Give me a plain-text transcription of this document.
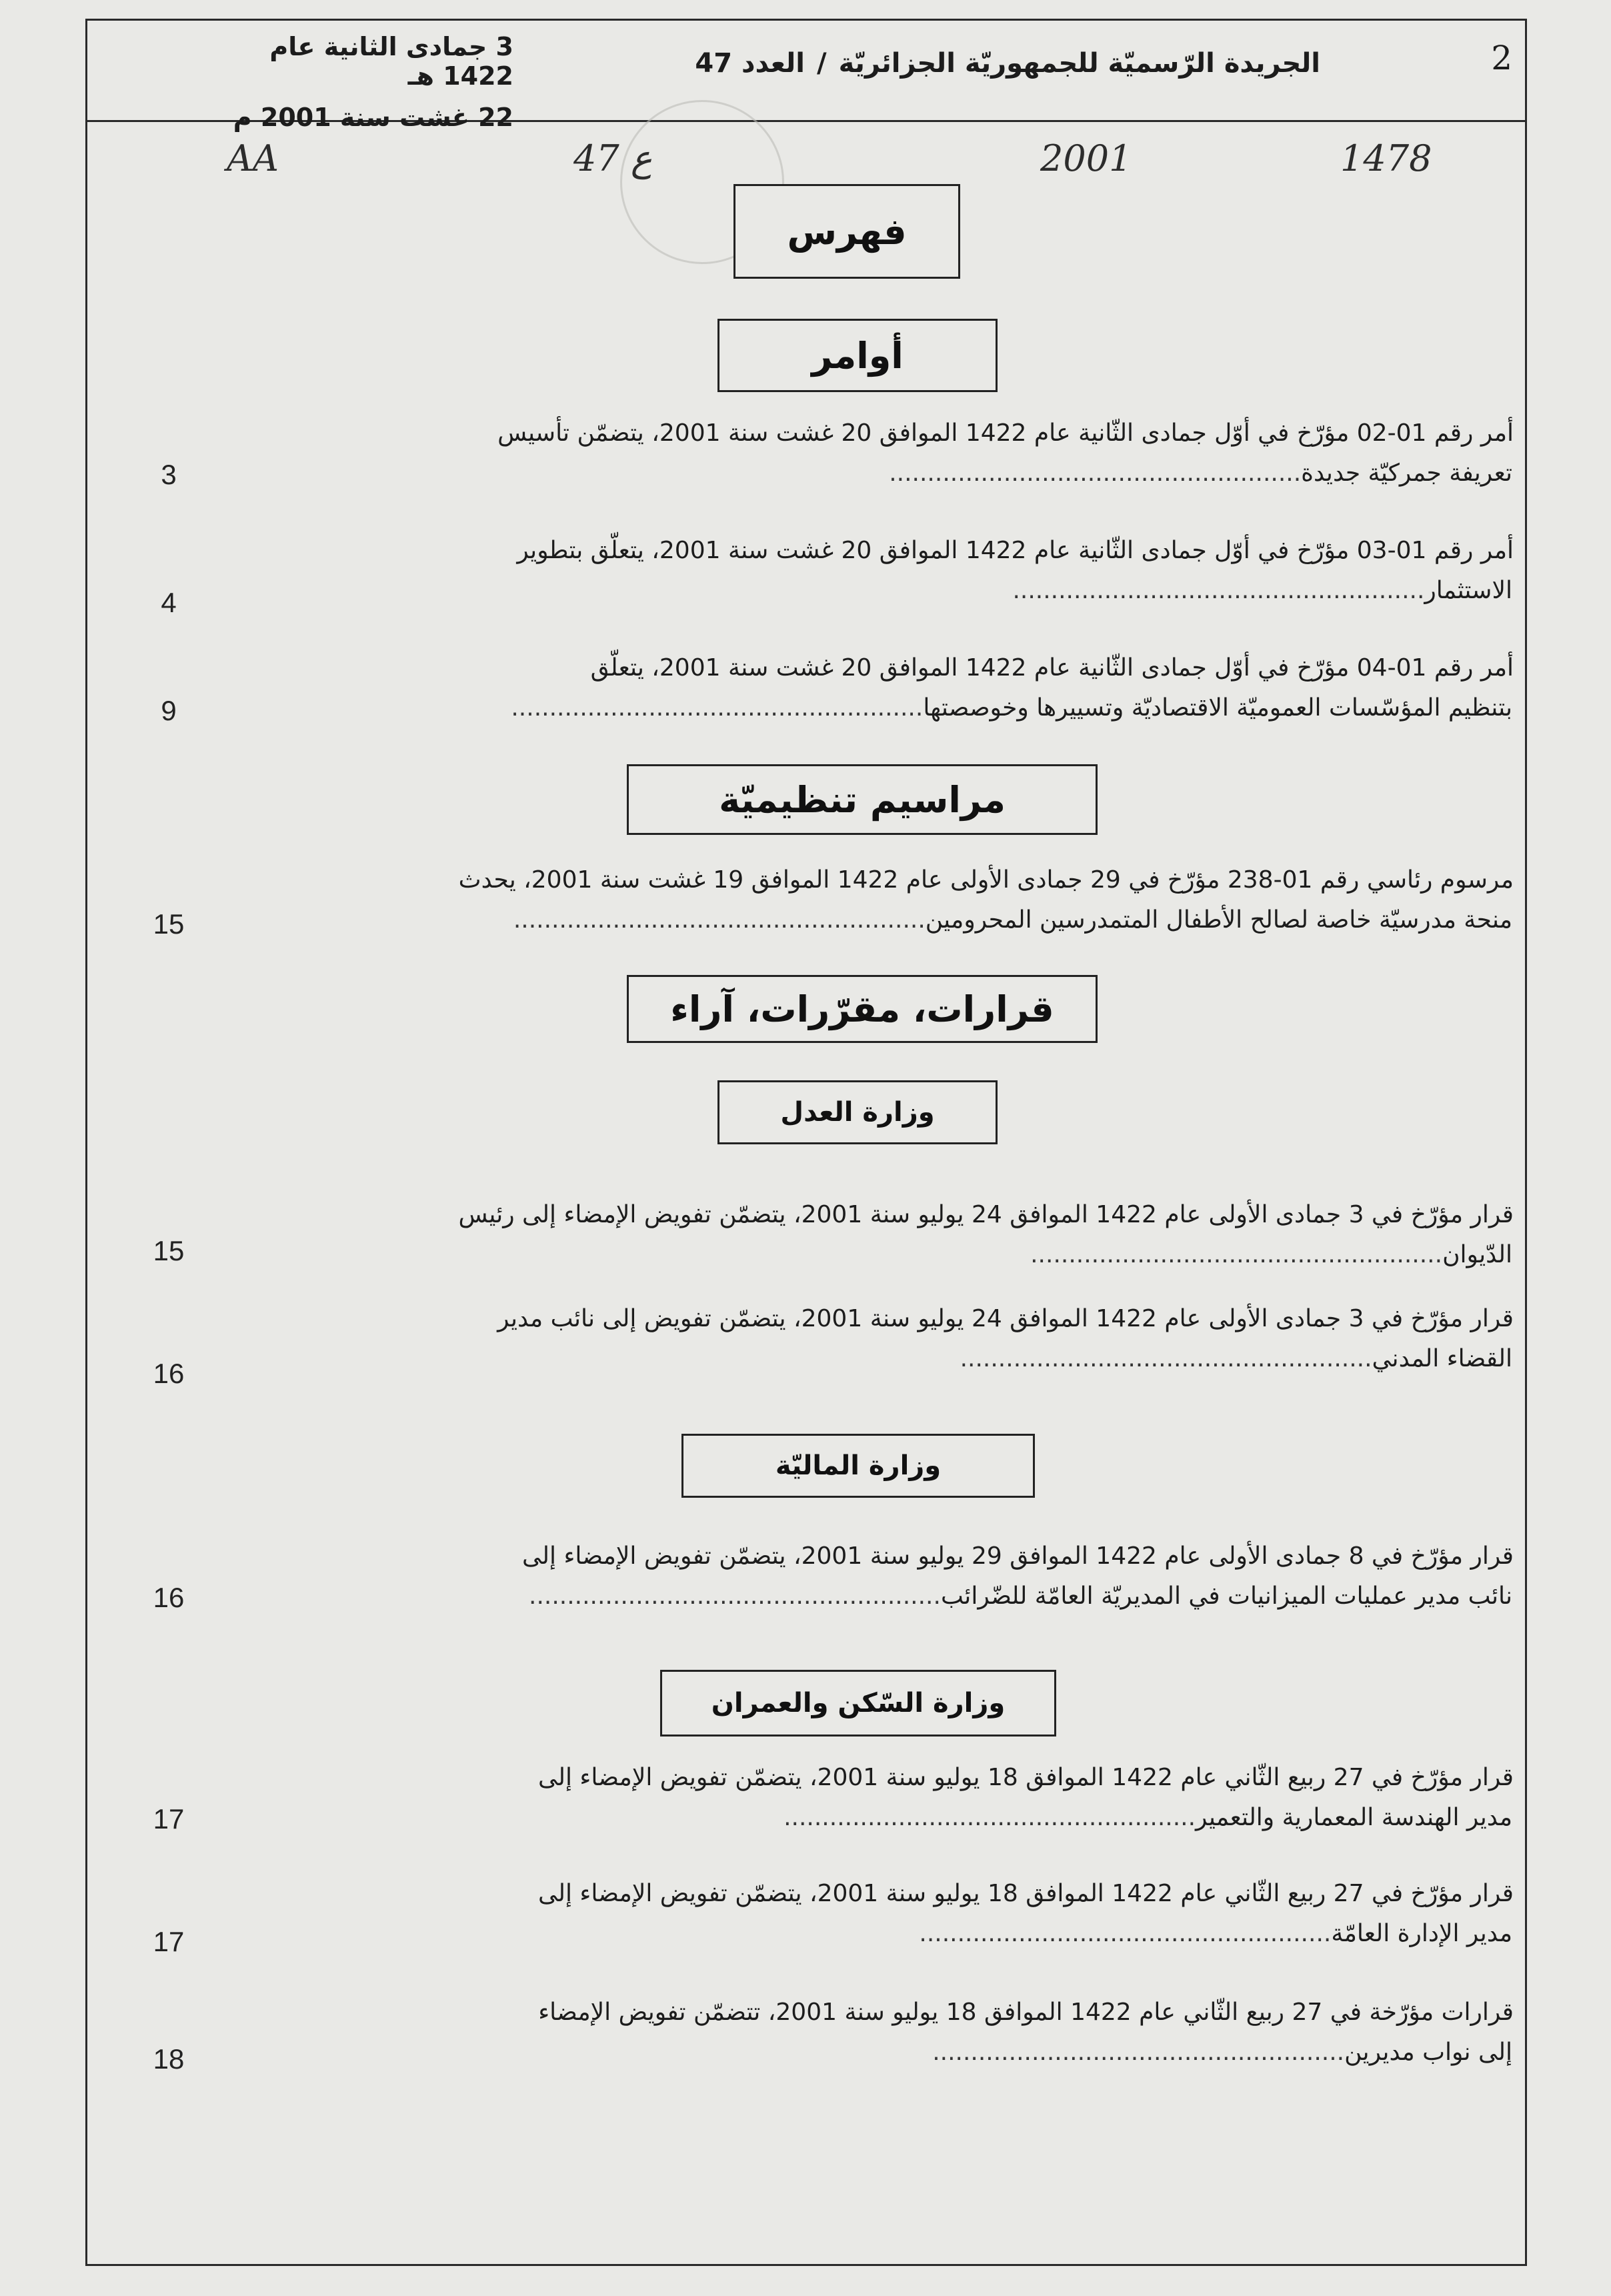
2
الجريدة الرّسميّة للجمهوريّة الجزائريّة/العدد 47
3 جمادى الثانية عام 1422 هـ
22 غشت سنة 2001 م
AA	ع 47	2001	1478
فهرس
أوامر
مراسيم تنظيميّة
قرارات، مقرّرات، آراء
وزارة العدل
وزارة الماليّة
وزارة السّكن والعمران
أمر رقم 01-02 مؤرّخ في أوّل جمادى الثّانية عام 1422 الموافق 20 غشت سنة 2001، يتضمّن تأسيس
تعريفة جمركيّة جديدة......................................................
3
أمر رقم 01-03 مؤرّخ في أوّل جمادى الثّانية عام 1422 الموافق 20 غشت سنة 2001، يتعلّق بتطوير
الاستثمار......................................................
4
أمر رقم 01-04 مؤرّخ في أوّل جمادى الثّانية عام 1422 الموافق 20 غشت سنة 2001، يتعلّق
بتنظيم المؤسّسات العموميّة الاقتصاديّة وتسييرها وخوصصتها......................................................
9
مرسوم رئاسي رقم 01-238 مؤرّخ في 29 جمادى الأولى عام 1422 الموافق 19 غشت سنة 2001، يحدث
منحة مدرسيّة خاصة لصالح الأطفال المتمدرسين المحرومين......................................................
15
قرار مؤرّخ في 3 جمادى الأولى عام 1422 الموافق 24 يوليو سنة 2001، يتضمّن تفويض الإمضاء إلى رئيس
الدّيوان......................................................
15
قرار مؤرّخ في 3 جمادى الأولى عام 1422 الموافق 24 يوليو سنة 2001، يتضمّن تفويض إلى نائب مدير
القضاء المدني......................................................
16
قرار مؤرّخ في 8 جمادى الأولى عام 1422 الموافق 29 يوليو سنة 2001، يتضمّن تفويض الإمضاء إلى
نائب مدير عمليات الميزانيات في المديريّة العامّة للضّرائب......................................................
16
قرار مؤرّخ في 27 ربيع الثّاني عام 1422 الموافق 18 يوليو سنة 2001، يتضمّن تفويض الإمضاء إلى
مدير الهندسة المعمارية والتعمير......................................................
17
قرار مؤرّخ في 27 ربيع الثّاني عام 1422 الموافق 18 يوليو سنة 2001، يتضمّن تفويض الإمضاء إلى
مدير الإدارة العامّة......................................................
17
قرارات مؤرّخة في 27 ربيع الثّاني عام 1422 الموافق 18 يوليو سنة 2001، تتضمّن تفويض الإمضاء
إلى نواب مديرين......................................................
18
